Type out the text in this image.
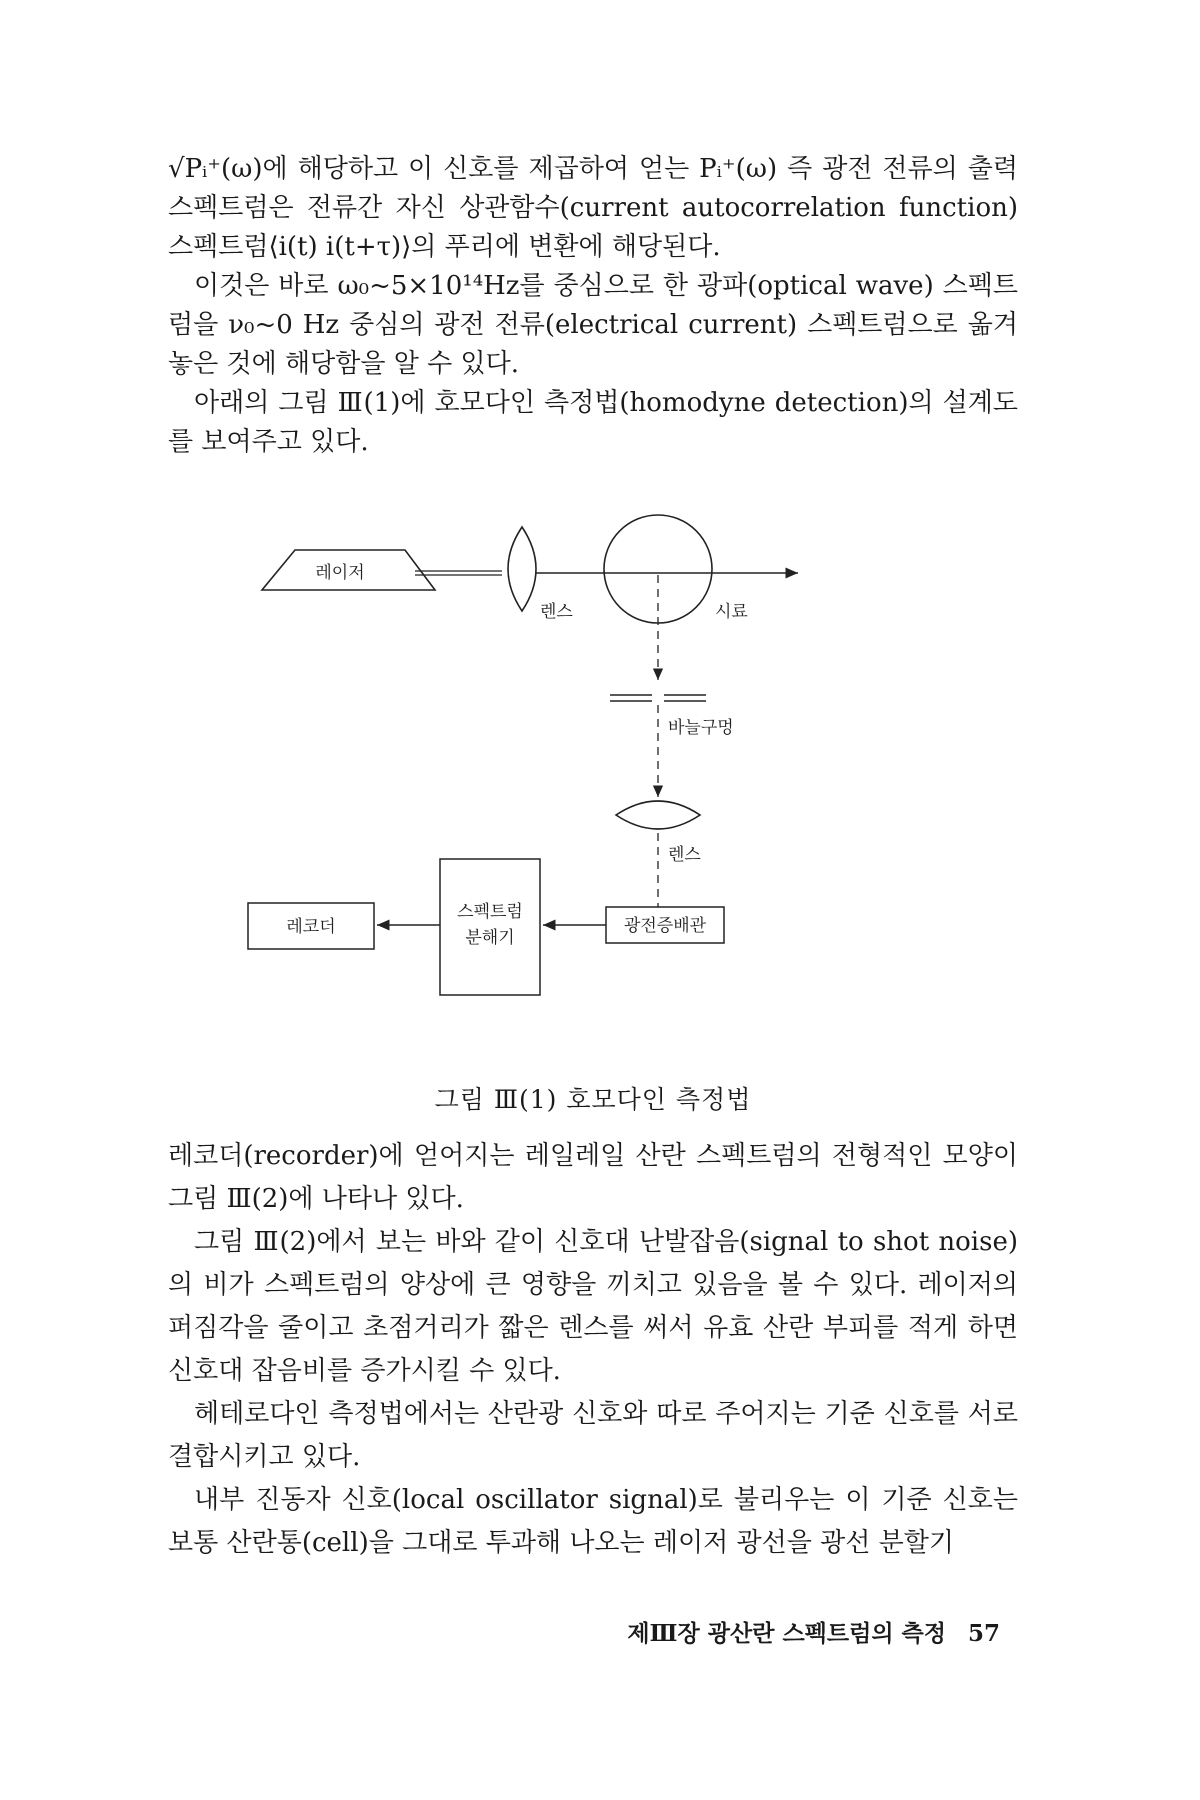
√Pᵢ⁺(ω)에 해당하고 이 신호를 제곱하여 얻는 Pᵢ⁺(ω) 즉 광전 전류의 출력 스펙트럼은 전류간 자신 상관함수(current autocorrelation function) 스펙트럼⟨i(t) i(t+τ)⟩의 푸리에 변환에 해당된다.

이것은 바로 ω₀~5×10¹⁴Hz를 중심으로 한 광파(optical wave) 스펙트럼을 ν₀~0 Hz 중심의 광전 전류(electrical current) 스펙트럼으로 옮겨 놓은 것에 해당함을 알 수 있다.

아래의 그림 Ⅲ(1)에 호모다인 측정법(homodyne detection)의 설계도를 보여주고 있다.

레이저
렌스	시료
바늘구멍
렌스
광전증배관
스펙트럼
분해기
레코더
그림 Ⅲ(1) 호모다인 측정법

레코더(recorder)에 얻어지는 레일레일 산란 스펙트럼의 전형적인 모양이 그림 Ⅲ(2)에 나타나 있다.

그림 Ⅲ(2)에서 보는 바와 같이 신호대 난발잡음(signal to shot noise)의 비가 스펙트럼의 양상에 큰 영향을 끼치고 있음을 볼 수 있다. 레이저의 퍼짐각을 줄이고 초점거리가 짧은 렌스를 써서 유효 산란 부피를 적게 하면 신호대 잡음비를 증가시킬 수 있다.

헤테로다인 측정법에서는 산란광 신호와 따로 주어지는 기준 신호를 서로 결합시키고 있다.

내부 진동자 신호(local oscillator signal)로 불리우는 이 기준 신호는 보통 산란통(cell)을 그대로 투과해 나오는 레이저 광선을 광선 분할기

제Ⅲ장 광산란 스펙트럼의 측정 57
